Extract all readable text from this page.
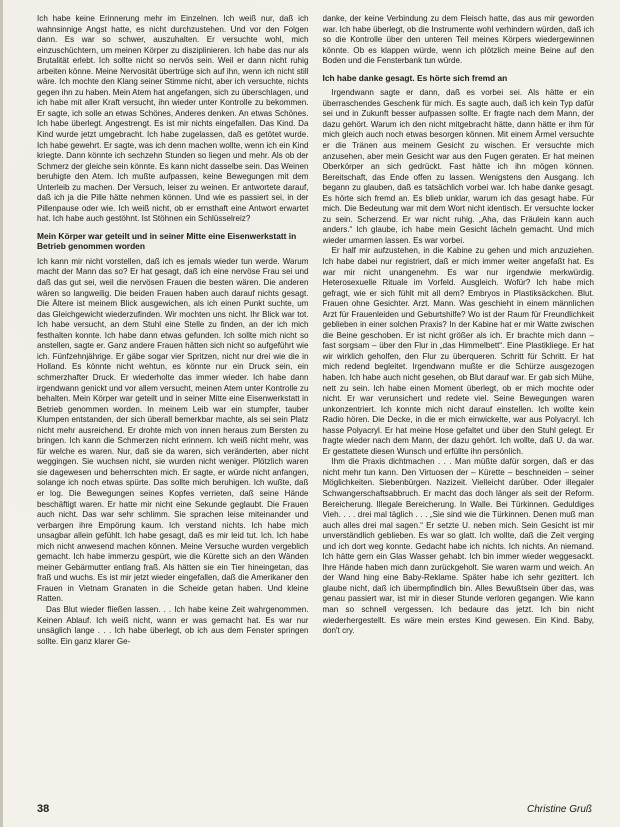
Ich habe keine Erinnerung mehr im Einzelnen. Ich weiß nur, daß ich wahnsinnige Angst hatte, es nicht durchzustehen. Und vor den Folgen dann. Es war so schwer, auszuhalten. Er versuchte wohl, mich einzuschüchtern, um meinen Körper zu disziplinieren. Ich habe das nur als Brutalität erlebt. Ich sollte nicht so nervös sein. Weil er dann nicht ruhig arbeiten könne. Meine Nervosität übertrüge sich auf ihn, wenn ich nicht still wäre. Ich mochte den Klang seiner Stimme nicht, aber ich versuchte, nichts gegen ihn zu haben. Mein Atem hat angefangen, sich zu überschlagen, und ich habe mit aller Kraft versucht, ihn wieder unter Kontrolle zu bekommen. Er sagte, ich solle an etwas Schönes, Anderes denken. An etwas Schönes. Ich habe überlegt. Angestrengt. Es ist mir nichts eingefallen. Das Kind. Da Kind wurde jetzt umgebracht. Ich habe zugelassen, daß es getötet wurde. Ich habe gewehrt. Er sagte, was ich denn machen wollte, wenn ich ein Kind kriegte. Dann könnte ich sechzehn Stunden so liegen und mehr. Als ob der Schmerz der gleiche sein könnte. Es kann nicht dasselbe sein. Das Weinen beruhigte den Atem. Ich mußte aufpassen, keine Bewegungen mit dem Unterleib zu machen. Der Versuch, leiser zu weinen. Er antwortete darauf, daß ich ja die Pille hätte nehmen können. Und wie es passiert sei, in der Pillenpause oder wie. Ich weiß nicht, ob er ernsthaft eine Antwort erwartet hat. Ich habe auch gestöhnt. Ist Stöhnen ein Schlüsselreiz?

Mein Körper war geteilt und in seiner Mitte eine Eisenwerkstatt in Betrieb genommen worden

Ich kann mir nicht vorstellen, daß ich es jemals wieder tun werde. Warum macht der Mann das so? Er hat gesagt, daß ich eine nervöse Frau sei und daß das gut sei, weil die nervösen Frauen die besten wären. Die anderen wären so langweilig. Die beiden Frauen haben auch darauf nichts gesagt. Die Ältere ist meinem Blick ausgewichen, als ich einen Punkt suchte, um das Gleichgewicht wiederzufinden. Wir mochten uns nicht. Ihr Blick war tot. Ich habe versucht, an dem Stuhl eine Stelle zu finden, an der ich mich festhalten konnte. Ich habe dann etwas gefunden. Ich sollte mich nicht so anstellen, sagte er. Ganz andere Frauen hätten sich nicht so aufgeführt wie ich. Fünfzehnjährige. Er gäbe sogar vier Spritzen, nicht nur drei wie die in Holland. Es könnte nicht wehtun, es könnte nur ein Druck sein, ein schmerzhafter Druck. Er wiederholte das immer wieder. Ich habe dann irgendwann genickt und vor allem versucht, meinen Atem unter Kontrolle zu behalten. Mein Körper war geteilt und in seiner Mitte eine Eisenwerkstatt in Betrieb genommen worden. In meinem Leib war ein stumpfer, tauber Klumpen entstanden, der sich überall bemerkbar machte, als sei sein Platz nicht mehr ausreichend. Er drohte mich von innen heraus zum Bersten zu bringen. Ich kann die Schmerzen nicht erinnern. Ich weiß nicht mehr, was für welche es waren. Nur, daß sie da waren, sich veränderten, aber nicht weggingen. Sie wuchsen nicht, sie wurden nicht weniger. Plötzlich waren sie dagewesen und beherrschten mich. Er sagte, er würde nicht anfangen, solange ich noch etwas spürte. Das sollte mich beruhigen. Ich wußte, daß er log. Die Bewegungen seines Kopfes verrieten, daß seine Hände beschäftigt waren. Er hatte mir nicht eine Sekunde geglaubt. Die Frauen auch nicht. Das war sehr schlimm. Sie sprachen leise miteinander und verbargen ihre Empörung kaum. Ich verstand nichts. Ich habe mich unsagbar allein gefühlt. Ich habe gesagt, daß es mir leid tut. Ich. Ich habe mich nicht anwesend machen können. Meine Versuche wurden vergeblich gemacht. Ich habe immerzu gespürt, wie die Kürette sich an den Wänden meiner Gebärmutter entlang fraß. Als hätten sie ein Tier hineingetan, das fraß und wuchs. Es ist mir jetzt wieder eingefallen, daß die Amerikaner den Frauen in Vietnam Granaten in die Scheide getan haben. Und kleine Ratten.

Das Blut wieder fließen lassen. . . Ich habe keine Zeit wahrgenommen. Keinen Ablauf. Ich weiß nicht, wann er was gemacht hat. Es war nur unsäglich lange . . . Ich habe überlegt, ob ich aus dem Fenster springen sollte. Ein ganz klarer Ge-

danke, der keine Verbindung zu dem Fleisch hatte, das aus mir geworden war. Ich habe überlegt, ob die Instrumente wohl verhindern würden, daß ich so die Kontrolle über den unteren Teil meines Körpers wiedergewinnen könnte. Ob es klappen würde, wenn ich plötzlich meine Beine auf den Boden und die Fensterbank tun würde.

Ich habe danke gesagt. Es hörte sich fremd an

Irgendwann sagte er dann, daß es vorbei sei. Als hätte er ein überraschendes Geschenk für mich. Es sagte auch, daß ich kein Typ dafür sei und in Zukunft besser aufpassen sollte. Er fragte nach dem Mann, der dazu gehört. Warum ich den nicht mitgebracht hätte, dann hätte er ihm für mich gleich auch noch etwas besorgen können. Mit einem Ärmel versuchte er die Tränen aus meinem Gesicht zu wischen. Er versuchte mich anzusehen, aber mein Gesicht war aus den Fugen geraten. Er hat meinen Oberkörper an sich gedrückt. Fast hätte ich ihn mögen können. Bereitschaft, das Ende offen zu lassen. Wenigstens den Ausgang. Ich begann zu glauben, daß es tatsächlich vorbei war. Ich habe danke gesagt. Es hörte sich fremd an. Es blieb unklar, warum ich das gesagt habe. Für mich. Die Bedeutung war mit dem Wort nicht identisch. Er versuchte locker zu sein. Scherzend. Er war nicht ruhig. „Aha, das Fräulein kann auch anders.“ Ich glaube, ich habe mein Gesicht lächeln gemacht. Und mich wieder umarmen lassen. Es war vorbei.

Er half mir aufzustehen, in die Kabine zu gehen und mich anzuziehen. Ich habe dabei nur registriert, daß er mich immer weiter angefaßt hat. Es war mir nicht unangenehm. Es war nur irgendwie merkwürdig. Heterosexuelle Rituale im Vorfeld. Ausgleich. Wofür? Ich habe mich gefragt, wie er sich fühlt mit all dem? Embryos in Plastiksäckchen. Blut. Frauen ohne Gesichter. Arzt. Mann. Was geschieht in einem männlichen Arzt für Frauenleiden und Geburtshilfe? Wo ist der Raum für Freundlichkeit geblieben in einer solchen Praxis? In der Kabine hat er mir Watte zwischen die Beine geschoben. Er ist nicht größer als ich. Er brachte mich dann – fast sorgsam – über den Flur in „das Himmelbett“. Eine Plastikliege. Er hat wir wirklich geholfen, den Flur zu überqueren. Schritt für Schritt. Er hat mich redend begleitet. Irgendwann mußte er die Schürze ausgezogen haben. Ich habe auch nicht gesehen, ob Blut darauf war. Er gab sich Mühe, nett zu sein. Ich habe einen Moment überlegt, ob er mich mochte oder nicht. Er war verunsichert und redete viel. Seine Bewegungen waren unkonzentriert. Ich konnte mich nicht darauf einstellen. Ich wollte kein Radio hören. Die Decke, in die er mich einwickelte, war aus Polyacryl. Ich hasse Polyacryl. Er hat meine Hose gefaltet und über den Stuhl gelegt. Er fragte wieder nach dem Mann, der dazu gehört. Ich wollte, daß U. da war. Er gestattete diesen Wunsch und erfüllte ihn persönlich.

Ihm die Praxis dichtmachen . . . Man müßte dafür sorgen, daß er das nicht mehr tun kann. Den Virtuosen der – Kürette – beschneiden – seiner Möglichkeiten. Siebenbürgen. Nazizeit. Vielleicht darüber. Oder illegaler Schwangerschaftsabbruch. Er macht das doch länger als seit der Reform. Bereicherung. Illegale Bereicherung. In Walle. Bei Türkinnen. Geduldiges Vieh. . . . drei mal täglich . . . „Sie sind wie die Türkinnen. Denen muß man auch alles drei mal sagen.“ Er setzte U. neben mich. Sein Gesicht ist mir unverständlich geblieben. Es war so glatt. Ich wollte, daß die Zeit verging und ich dort weg konnte. Gedacht habe ich nichts. Ich nichts. An niemand. Ich hätte gern ein Glas Wasser gehabt. Ich bin immer wieder weggesackt. Ihre Hände haben mich dann zurückgeholt. Sie waren warm und weich. An der Wand hing eine Baby-Reklame. Später habe ich sehr gezittert. Ich glaube nicht, daß ich übermpfindlich bin. Alles Bewußtsein über das, was genau passiert war, ist mir in dieser Stunde verloren gegangen. Wie kann man so schnell vergessen. Ich bedaure das jetzt. Ich bin nicht wiederhergestellt. Es wäre mein erstes Kind gewesen. Ein Kind. Baby, don't cry.

38	Christine Gruß
